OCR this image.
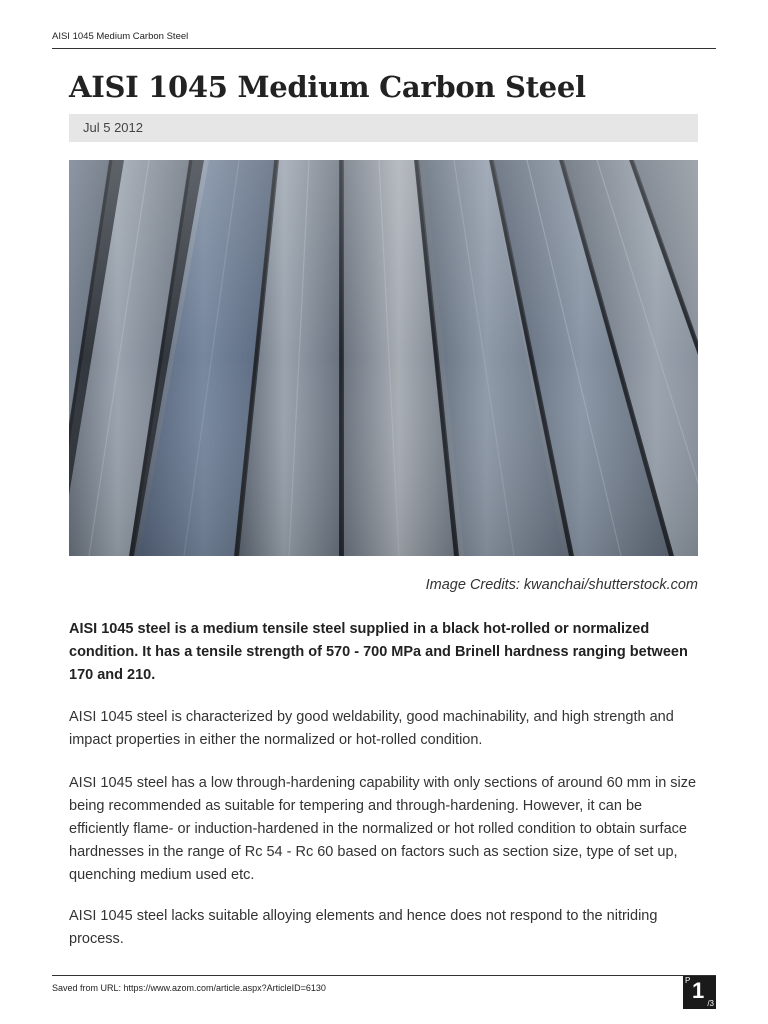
AISI 1045 Medium Carbon Steel
AISI 1045 Medium Carbon Steel
Jul 5 2012
Image Credits: kwanchai/shutterstock.com

AISI 1045 steel is a medium tensile steel supplied in a black hot-rolled or normalized condition. It has a tensile strength of 570 - 700 MPa and Brinell hardness ranging between 170 and 210.

AISI 1045 steel is characterized by good weldability, good machinability, and high strength and impact properties in either the normalized or hot-rolled condition.

AISI 1045 steel has a low through-hardening capability with only sections of around 60 mm in size being recommended as suitable for tempering and through-hardening. However, it can be efficiently flame- or induction-hardened in the normalized or hot rolled condition to obtain surface hardnesses in the range of Rc 54 - Rc 60 based on factors such as section size, type of set up, quenching medium used etc.

AISI 1045 steel lacks suitable alloying elements and hence does not respond to the nitriding process.

Saved from URL: https://www.azom.com/article.aspx?ArticleID=6130
P 1
/3
